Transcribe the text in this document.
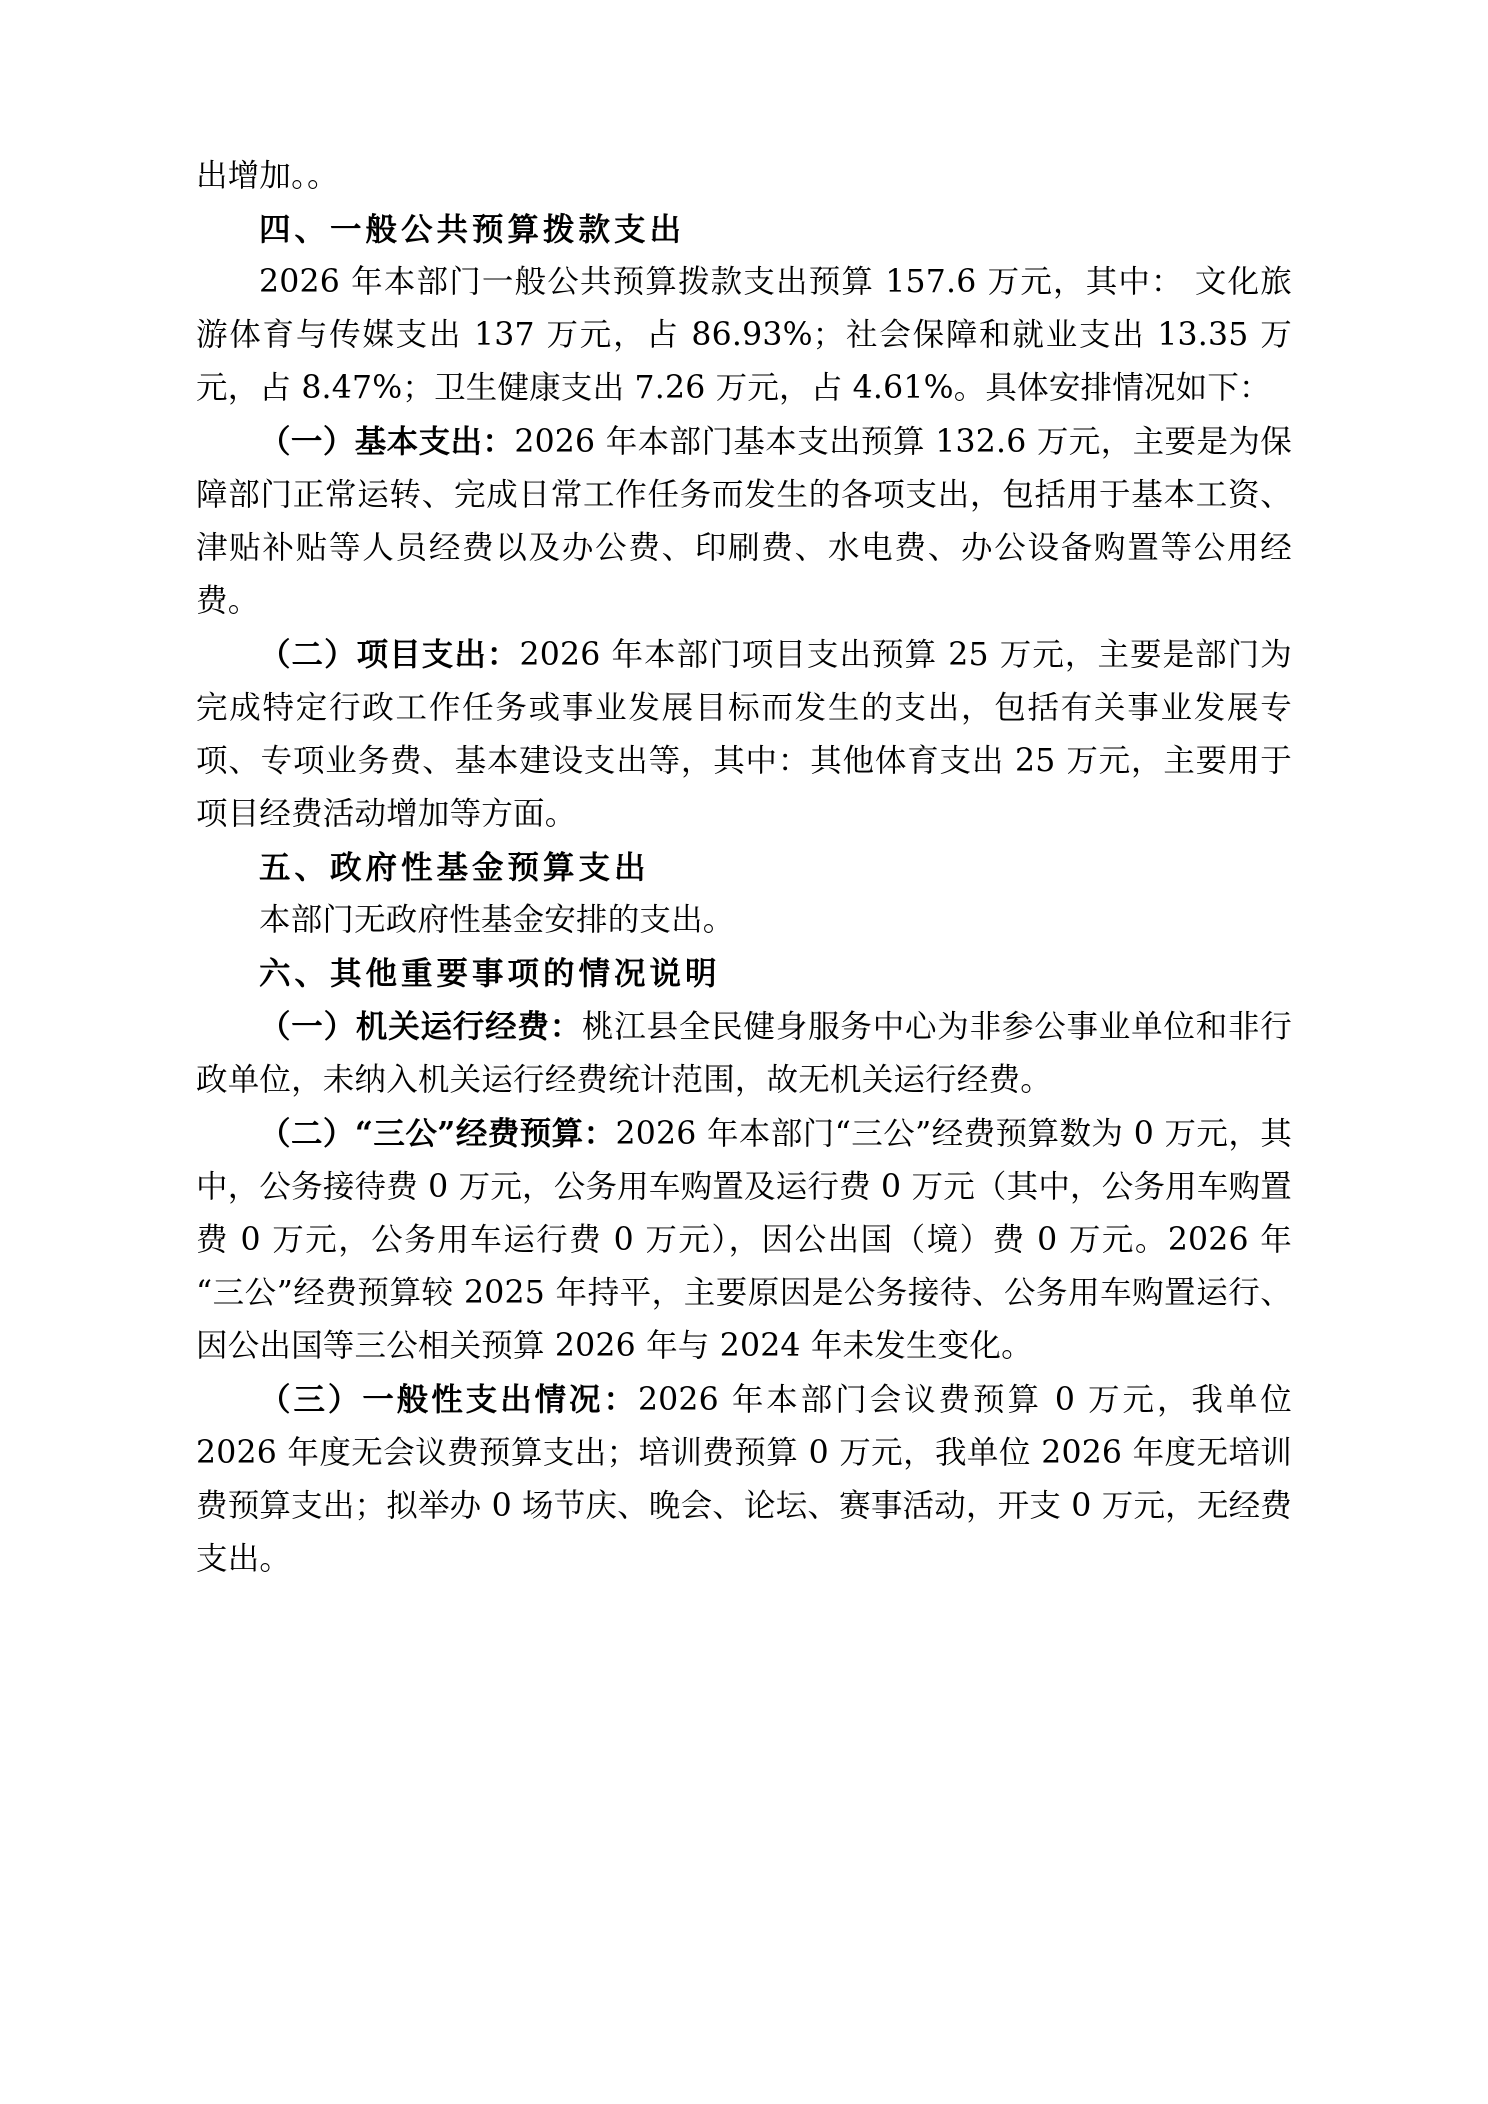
出增加。。

四、一般公共预算拨款支出

2026 年本部门一般公共预算拨款支出预算 157.6 万元，其中： 文化旅游体育与传媒支出 137 万元，占 86.93%；社会保障和就业支出 13.35 万元，占 8.47%；卫生健康支出 7.26 万元，占 4.61%。具体安排情况如下：

（一）基本支出：2026 年本部门基本支出预算 132.6 万元，主要是为保障部门正常运转、完成日常工作任务而发生的各项支出，包括用于基本工资、津贴补贴等人员经费以及办公费、印刷费、水电费、办公设备购置等公用经费。

（二）项目支出：2026 年本部门项目支出预算 25 万元，主要是部门为完成特定行政工作任务或事业发展目标而发生的支出，包括有关事业发展专项、专项业务费、基本建设支出等，其中：其他体育支出 25 万元，主要用于项目经费活动增加等方面。

五、政府性基金预算支出

本部门无政府性基金安排的支出。

六、其他重要事项的情况说明

（一）机关运行经费：桃江县全民健身服务中心为非参公事业单位和非行政单位，未纳入机关运行经费统计范围，故无机关运行经费。

（二）“三公”经费预算：2026 年本部门“三公”经费预算数为 0 万元，其中，公务接待费 0 万元，公务用车购置及运行费 0 万元（其中，公务用车购置费 0 万元，公务用车运行费 0 万元），因公出国（境）费 0 万元。2026 年“三公”经费预算较 2025 年持平，主要原因是公务接待、公务用车购置运行、因公出国等三公相关预算 2026 年与 2024 年未发生变化。

（三）一般性支出情况：2026 年本部门会议费预算 0 万元，我单位 2026 年度无会议费预算支出；培训费预算 0 万元，我单位 2026 年度无培训费预算支出；拟举办 0 场节庆、晚会、论坛、赛事活动，开支 0 万元，无经费支出。
